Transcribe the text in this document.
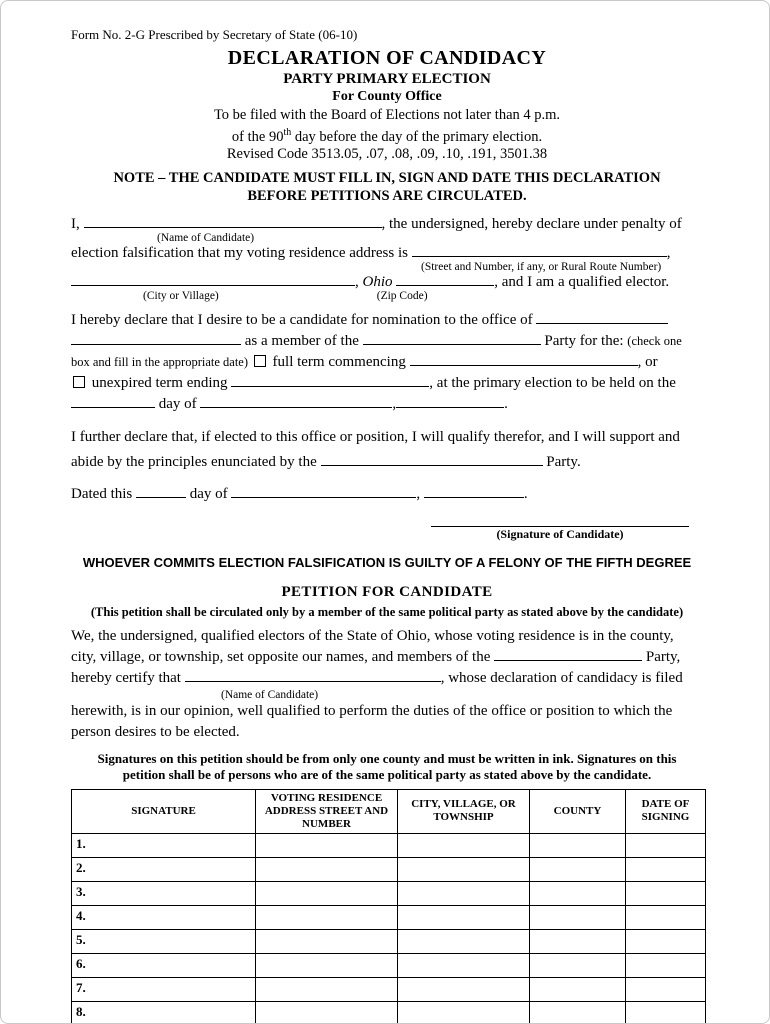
Form No. 2-G Prescribed by Secretary of State (06-10)
DECLARATION OF CANDIDACY
PARTY PRIMARY ELECTION
For County Office
To be filed with the Board of Elections not later than 4 p.m.
of the 90th day before the day of the primary election.
Revised Code 3513.05, .07, .08, .09, .10, .191, 3501.38
NOTE – THE CANDIDATE MUST FILL IN, SIGN AND DATE THIS DECLARATION
BEFORE PETITIONS ARE CIRCULATED.
I,	, the undersigned, hereby declare under penalty of
(Name of Candidate)
election falsification that my voting residence address is	,
(Street and Number, if any, or Rural Route Number)
, Ohio	, and I am a qualified elector.
(City or Village)	(Zip Code)
I hereby declare that I desire to be a candidate for nomination to the office of
as a member of the	Party for the: (check one
box and fill in the appropriate date) full term commencing	, or
unexpired term ending	, at the primary election to be held on the
day of	,	.
I further declare that, if elected to this office or position, I will qualify therefor, and I will support and
abide by the principles enunciated by the	Party.
Dated this	day of	,	.
(Signature of Candidate)
WHOEVER COMMITS ELECTION FALSIFICATION IS GUILTY OF A FELONY OF THE FIFTH DEGREE
PETITION FOR CANDIDATE
(This petition shall be circulated only by a member of the same political party as stated above by the candidate)
We, the undersigned, qualified electors of the State of Ohio, whose voting residence is in the county,
city, village, or township, set opposite our names, and members of the	Party,
hereby certify that	, whose declaration of candidacy is filed
(Name of Candidate)
herewith, is in our opinion, well qualified to perform the duties of the office or position to which the
person desires to be elected.
Signatures on this petition should be from only one county and must be written in ink. Signatures on this
petition shall be of persons who are of the same political party as stated above by the candidate.
SIGNATURE	VOTING RESIDENCE ADDRESS STREET AND NUMBER	CITY, VILLAGE, OR TOWNSHIP	COUNTY	DATE OF SIGNING
1.				
2.				
3.				
4.				
5.				
6.				
7.				
8.				
